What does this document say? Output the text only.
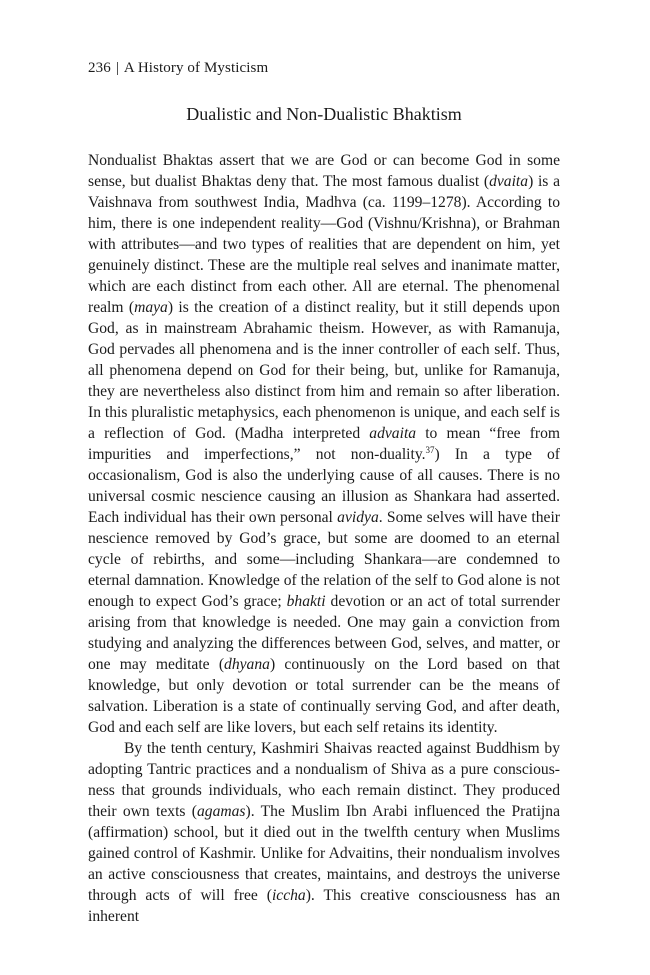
236 | A History of Mysticism
Dualistic and Non-Dualistic Bhaktism

Nondualist Bhaktas assert that we are God or can become God in some sense, but dualist Bhaktas deny that. The most famous dualist (dvaita) is a Vaishnava from southwest India, Madhva (ca. 1199–1278). According to him, there is one independent reality—God (Vishnu/Krishna), or Brahman with attributes—and two types of realities that are dependent on him, yet genuinely distinct. These are the multiple real selves and inanimate matter, which are each distinct from each other. All are eternal. The phenomenal realm (maya) is the creation of a distinct reality, but it still depends upon God, as in mainstream Abrahamic theism. However, as with Ramanuja, God pervades all phenomena and is the inner controller of each self. Thus, all phenomena depend on God for their being, but, unlike for Ramanuja, they are nevertheless also distinct from him and remain so after liberation. In this pluralistic metaphysics, each phenomenon is unique, and each self is a reflection of God. (Madha interpreted advaita to mean “free from impurities and imperfections,” not non-duality.$^{37}$) In a type of occasionalism, God is also the underlying cause of all causes. There is no universal cosmic nescience causing an illusion as Shankara had asserted. Each individual has their own personal avidya. Some selves will have their nescience removed by God’s grace, but some are doomed to an eternal cycle of rebirths, and some—including Shankara—are condemned to eternal damnation. Knowledge of the relation of the self to God alone is not enough to expect God’s grace; bhakti devotion or an act of total surrender arising from that knowledge is needed. One may gain a conviction from studying and analyzing the differences between God, selves, and matter, or one may meditate (dhyana) continuously on the Lord based on that knowledge, but only devotion or total surrender can be the means of salvation. Liberation is a state of continually serving God, and after death, God and each self are like lovers, but each self retains its identity.

By the tenth century, Kashmiri Shaivas reacted against Buddhism by adopting Tantric practices and a nondualism of Shiva as a pure consciousness that grounds individuals, who each remain distinct. They produced their own texts (agamas). The Muslim Ibn Arabi influenced the Pratijna (affirmation) school, but it died out in the twelfth century when Muslims gained control of Kashmir. Unlike for Advaitins, their nondualism involves an active consciousness that creates, maintains, and destroys the universe through acts of will free (iccha). This creative consciousness has an inherent
